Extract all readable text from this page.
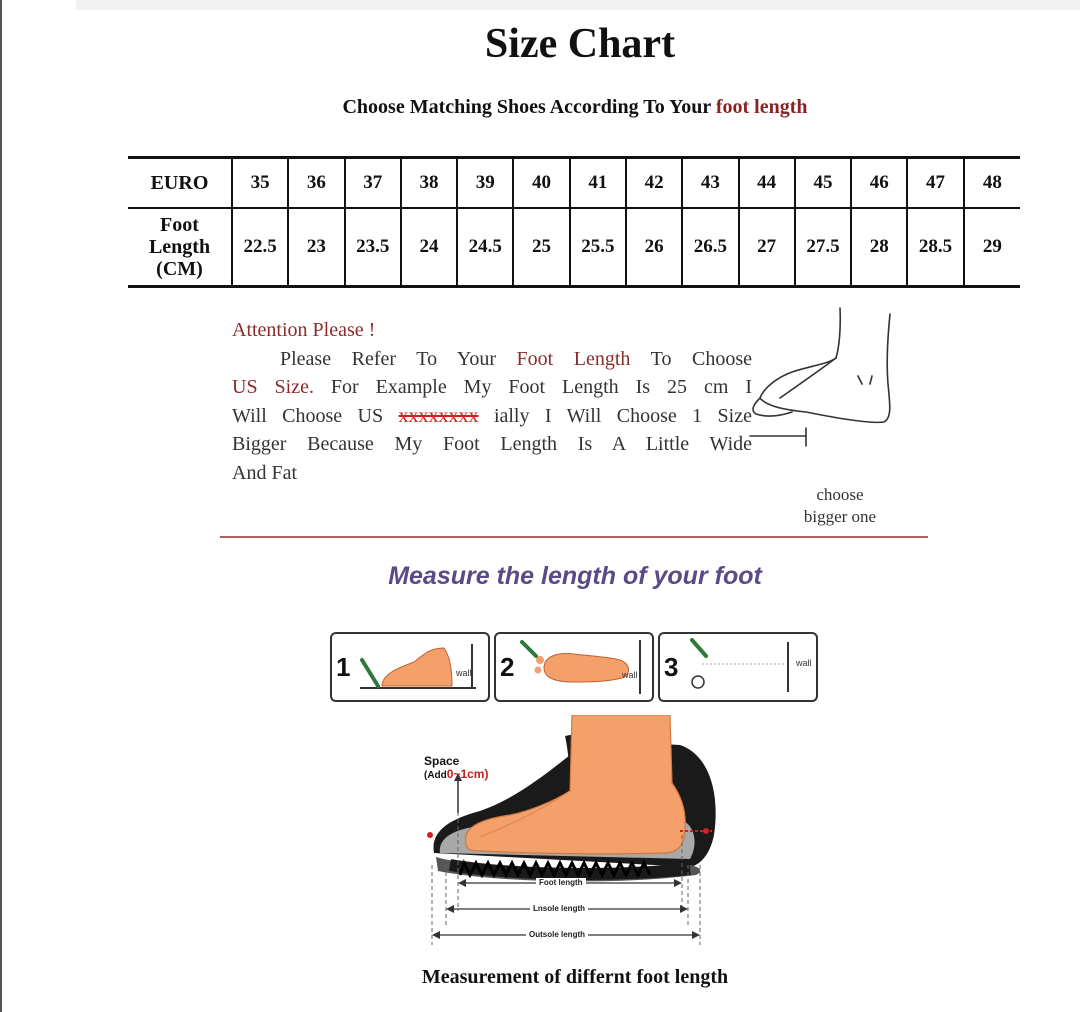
Size Chart
Choose Matching Shoes According To Your foot length
EURO	35	36	37	38	39	40	41	42	43	44	45	46	47	48

Foot
Length
(CM)	22.5	23	23.5	24	24.5	25	25.5	26	26.5	27	27.5	28	28.5	29
Attention Please !
Please Refer To Your Foot Length To Choose
US Size. For Example My Foot Length Is 25 cm I
Will Choose US xxxxxxxx ially I Will Choose 1 Size
Bigger Because My Foot Length Is A Little Wide
And Fat
choose
bigger one
Measure the length of your foot
1	wall 2	wall 3	wall
Space
(Add0~1cm)
Foot length
Lnsole length
Outsole length
Measurement of differnt foot length
